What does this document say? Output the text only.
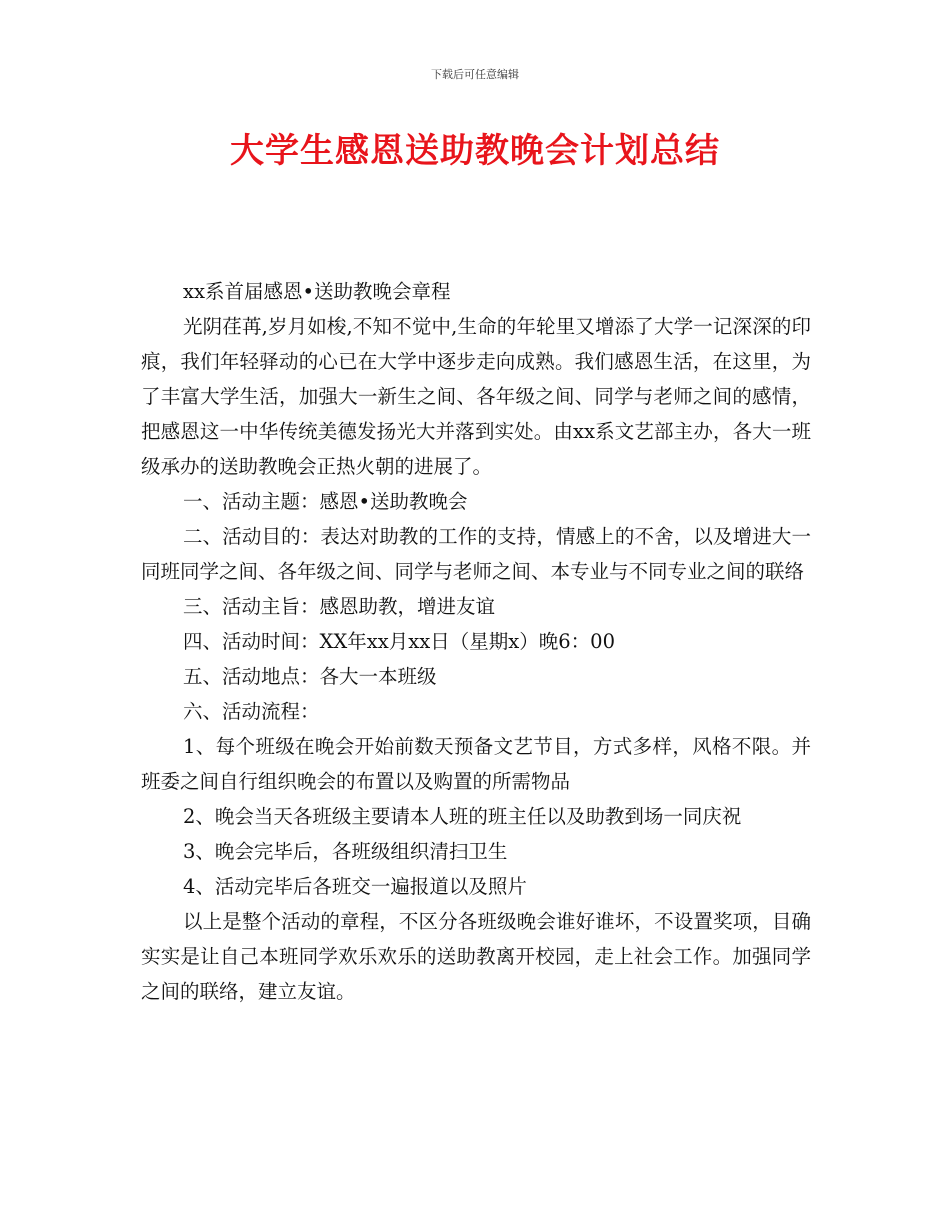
下载后可任意编辑
大学生感恩送助教晚会计划总结

xx系首届感恩•送助教晚会章程

光阴荏苒,岁月如梭,不知不觉中,生命的年轮里又增添了大学一记深深的印痕，我们年轻驿动的心已在大学中逐步走向成熟。我们感恩生活，在这里，为了丰富大学生活，加强大一新生之间、各年级之间、同学与老师之间的感情，把感恩这一中华传统美德发扬光大并落到实处。由xx系文艺部主办，各大一班级承办的送助教晚会正热火朝的进展了。

一、活动主题：感恩•送助教晚会

二、活动目的：表达对助教的工作的支持，情感上的不舍，以及增进大一同班同学之间、各年级之间、同学与老师之间、本专业与不同专业之间的联络

三、活动主旨：感恩助教，增进友谊

四、活动时间：XX年xx月xx日（星期x）晚6：00

五、活动地点：各大一本班级

六、活动流程：

1、每个班级在晚会开始前数天预备文艺节目，方式多样，风格不限。并班委之间自行组织晚会的布置以及购置的所需物品

2、晚会当天各班级主要请本人班的班主任以及助教到场一同庆祝

3、晚会完毕后，各班级组织清扫卫生

4、活动完毕后各班交一遍报道以及照片

以上是整个活动的章程，不区分各班级晚会谁好谁坏，不设置奖项，目确实实是让自己本班同学欢乐欢乐的送助教离开校园，走上社会工作。加强同学之间的联络，建立友谊。
